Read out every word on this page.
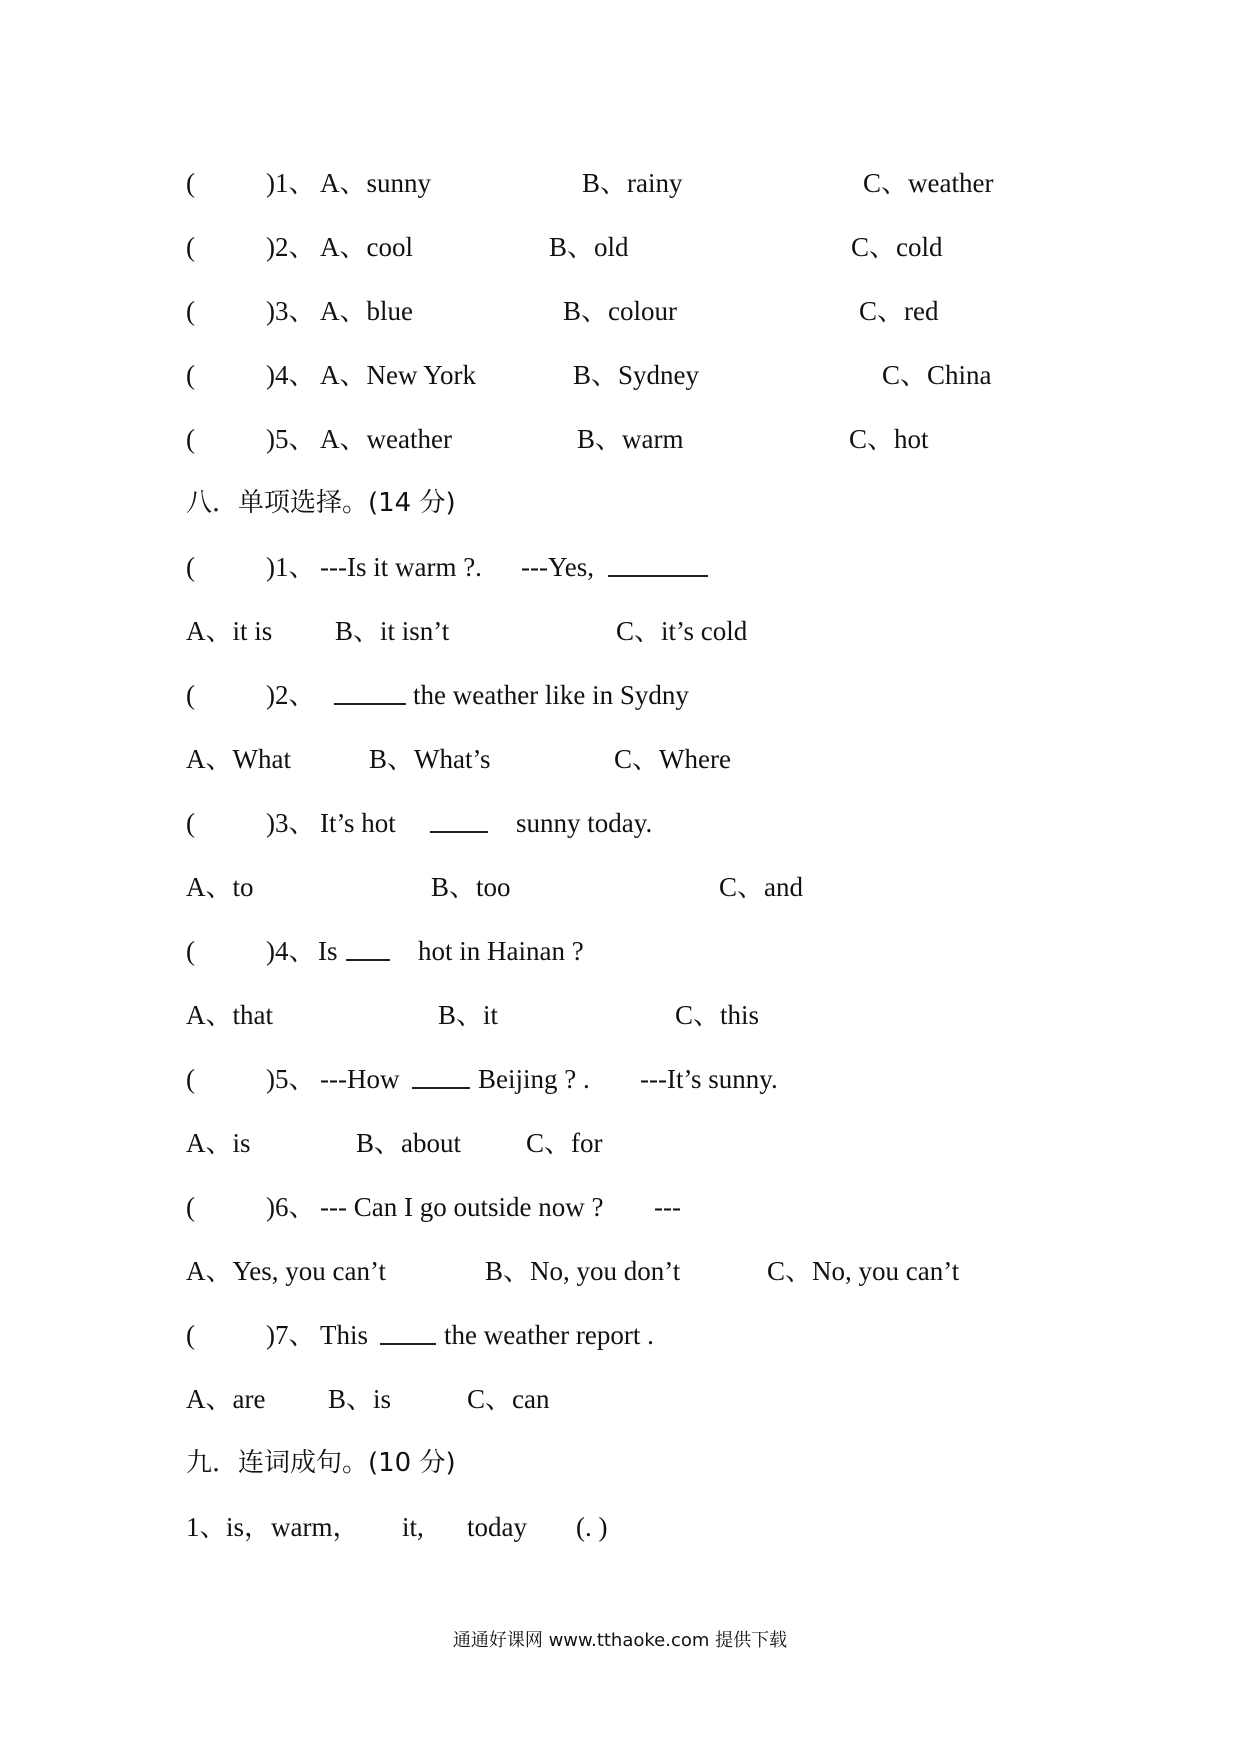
(	)1、 A、sunny	B、rainy	C、weather
(	)2、 A、cool	B、old	C、cold
(	)3、 A、blue	B、colour	C、red
(	)4、 A、New York	B、Sydney	C、China
(	)5、 A、weather	B、warm	C、hot
八．单项选择。(14 分)
(	)1、 ---Is it warm ?. ---Yes,
A、it is B、it isn’t	C、it’s cold
(	)2、	the weather like in Sydny
A、What	B、What’s	C、Where
(	)3、 It’s hot	sunny today.
A、to	B、too	C、and
(	)4、 Is	hot in Hainan ?
A、that	B、it	C、this
(	)5、 ---How	Beijing ? . ---It’s sunny.
A、is	B、about C、for
(	)6、 --- Can I go outside now ? ---
A、Yes, you can’t	B、No, you don’t	C、No, you can’t
(	)7、 This	the weather report .
A、are B、is	C、can
九．连词成句。(10 分)
1、 is，warm， it, today (. )
通通好课网 www.tthaoke.com 提供下载
